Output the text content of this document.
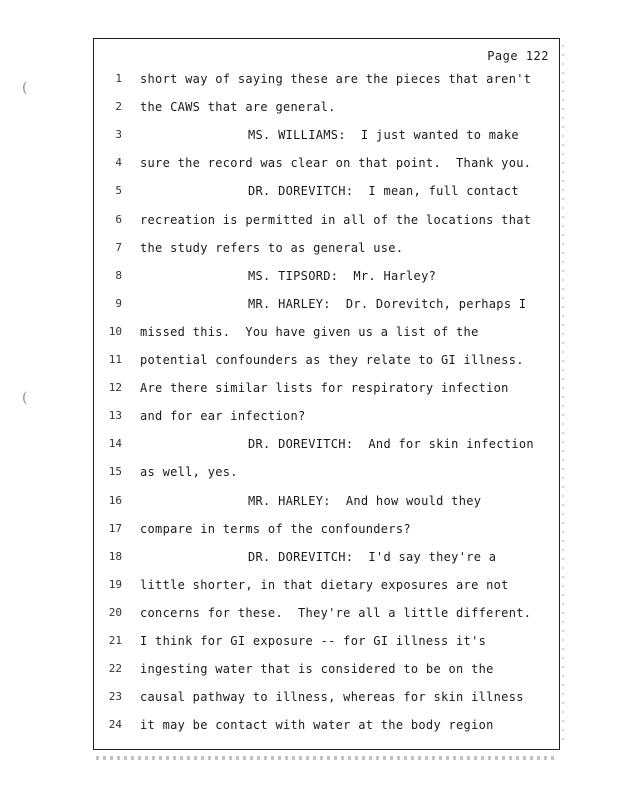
(
(
Page 122
1 short way of saying these are the pieces that aren't
2 the CAWS that are general.
3	MS. WILLIAMS:  I just wanted to make
4 sure the record was clear on that point.  Thank you.
5	DR. DOREVITCH:  I mean, full contact
6 recreation is permitted in all of the locations that
7 the study refers to as general use.
8	MS. TIPSORD:  Mr. Harley?
9	MR. HARLEY:  Dr. Dorevitch, perhaps I
10 missed this.  You have given us a list of the
11 potential confounders as they relate to GI illness.
12 Are there similar lists for respiratory infection
13 and for ear infection?
14	DR. DOREVITCH:  And for skin infection
15 as well, yes.
16	MR. HARLEY:  And how would they
17 compare in terms of the confounders?
18	DR. DOREVITCH:  I'd say they're a
19 little shorter, in that dietary exposures are not
20 concerns for these.  They're all a little different.
21 I think for GI exposure -- for GI illness it's
22 ingesting water that is considered to be on the
23 causal pathway to illness, whereas for skin illness
24 it may be contact with water at the body region
